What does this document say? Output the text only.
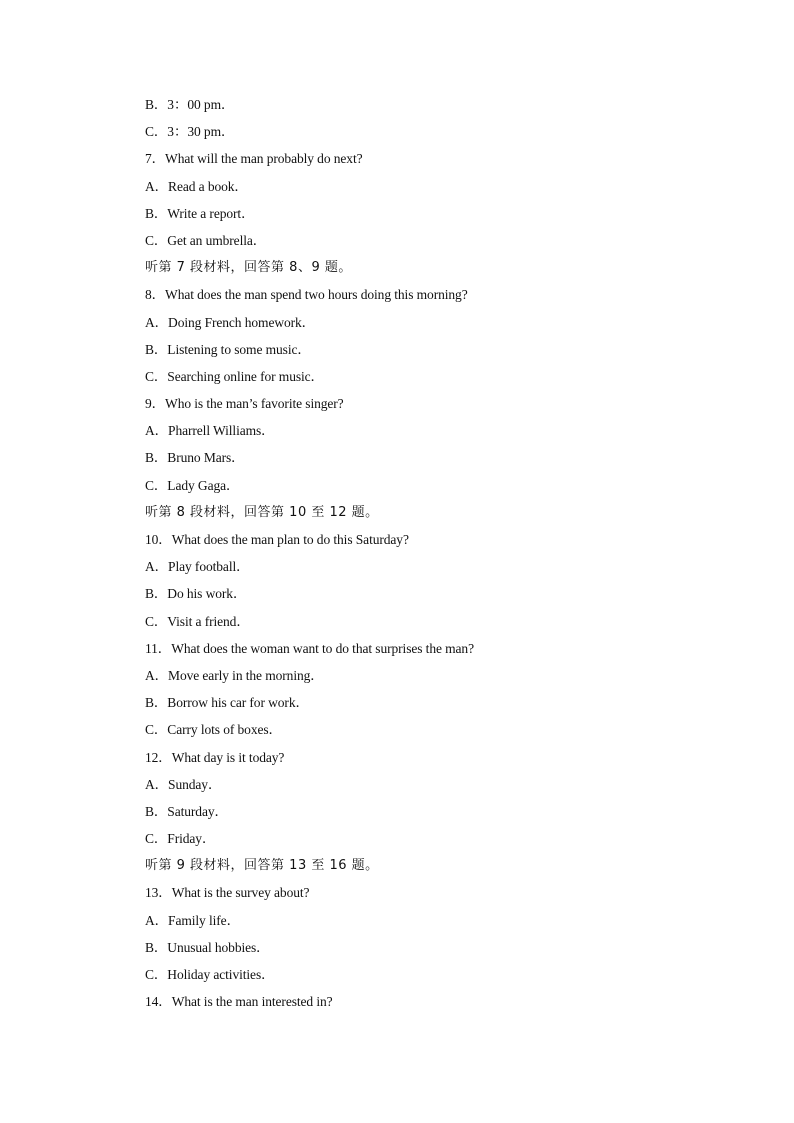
B．3：00 pm．
C．3：30 pm．
7．What will the man probably do next?
A．Read a book．
B．Write a report．
C．Get an umbrella．
听第 7 段材料，回答第 8、9 题。
8．What does the man spend two hours doing this morning?
A．Doing French homework．
B．Listening to some music．
C．Searching online for music．
9．Who is the man’s favorite singer?
A．Pharrell Williams．
B．Bruno Mars．
C．Lady Gaga．
听第 8 段材料，回答第 10 至 12 题。
10．What does the man plan to do this Saturday?
A．Play football．
B．Do his work．
C．Visit a friend．
11．What does the woman want to do that surprises the man?
A．Move early in the morning．
B．Borrow his car for work．
C．Carry lots of boxes．
12．What day is it today?
A．Sunday．
B．Saturday．
C．Friday．
听第 9 段材料，回答第 13 至 16 题。
13．What is the survey about?
A．Family life．
B．Unusual hobbies．
C．Holiday activities．
14．What is the man interested in?
